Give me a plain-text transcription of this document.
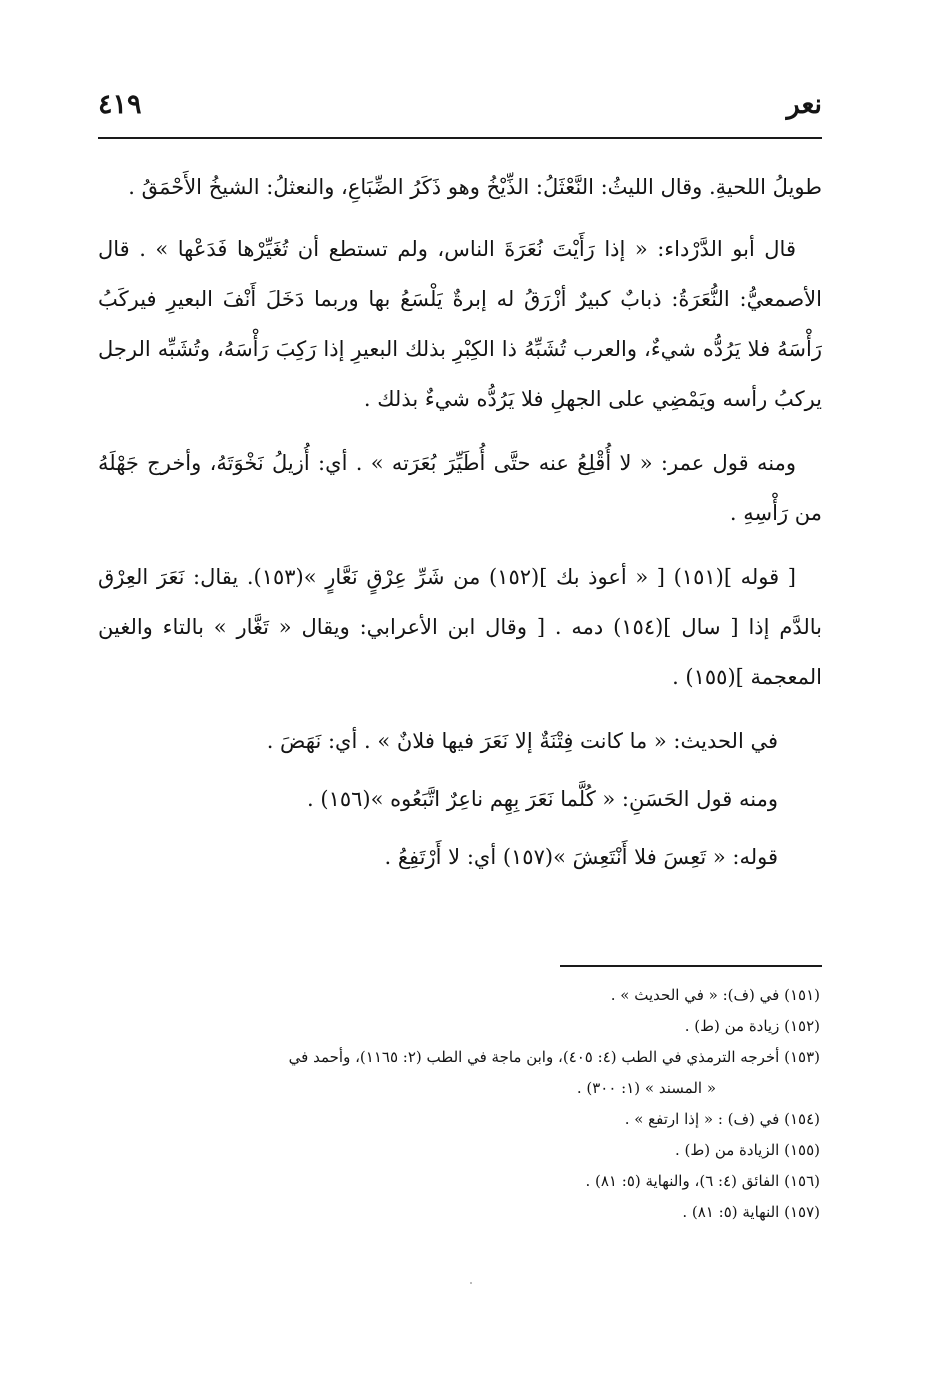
نعر
٤١٩

طويلُ اللحيةِ. وقال الليثُ: النَّعْثَلُ: الذِّيْخُ وهو ذَكَرُ الضِّبَاعِ، والنعثلُ: الشيخُ الأَحْمَقُ .

قال أبو الدَّرْداء: « إذا رَأَيْتَ نُعَرَةَ الناس، ولم تستطع أن تُغَيِّرْها فَدَعْها » . قال الأصمعيُّ: النُّعَرَةُ: ذبابٌ كبيرٌ أزْرَقُ له إبرةٌ يَلْسَعُ بها وربما دَخَلَ أَنْفَ البعيرِ فيركَبُ رَأْسَهُ فلا يَرُدُّه شيءٌ، والعرب تُشَبِّهُ ذا الكِبْرِ بذلك البعيرِ إذا رَكِبَ رَأْسَهُ، وتُشَبِّه الرجل يركبُ رأسه ويَمْضِي على الجهلِ فلا يَرُدُّه شيءٌ بذلك .

ومنه قول عمر: « لا أُقْلِعُ عنه حتَّى أُطَيِّرَ بُعَرَته » . أي: أُزيلُ نَخْوَتَهُ، وأخرج جَهْلَهُ من رَأْسِهِ .

[ قوله ](١٥١) [ « أعوذ بك ](١٥٢) من شَرِّ عِرْقٍ نَعَّارٍ »(١٥٣). يقال: نَعَرَ العِرْق بالدَّم إذا [ سال ](١٥٤) دمه . [ وقال ابن الأعرابي: ويقال « تَغَّار » بالتاء والغين المعجمة ](١٥٥) .

في الحديث: « ما كانت فِتْنَةٌ إلا نَعَرَ فيها فلانٌ » . أي: نَهَضَ .

ومنه قول الحَسَنِ: « كُلَّما نَعَرَ بِهِم ناعِرٌ اتَّبَعُوه »(١٥٦) .

قوله: « تَعِسَ فلا أَنْتَعِشَ »(١٥٧) أي: لا أَرْتَفِعُ .

(١٥١) في (ف): « في الحديث » .

(١٥٢) زيادة من (ط) .

(١٥٣) أخرجه الترمذي في الطب (٤: ٤٠٥)، وابن ماجة في الطب (٢: ١١٦٥)، وأحمد في

« المسند » (١: ٣٠٠) .

(١٥٤) في (ف) : « إذا ارتفع » .

(١٥٥) الزيادة من (ط) .

(١٥٦) الفائق (٤: ٦)، والنهاية (٥: ٨١) .

(١٥٧) النهاية (٥: ٨١) .
